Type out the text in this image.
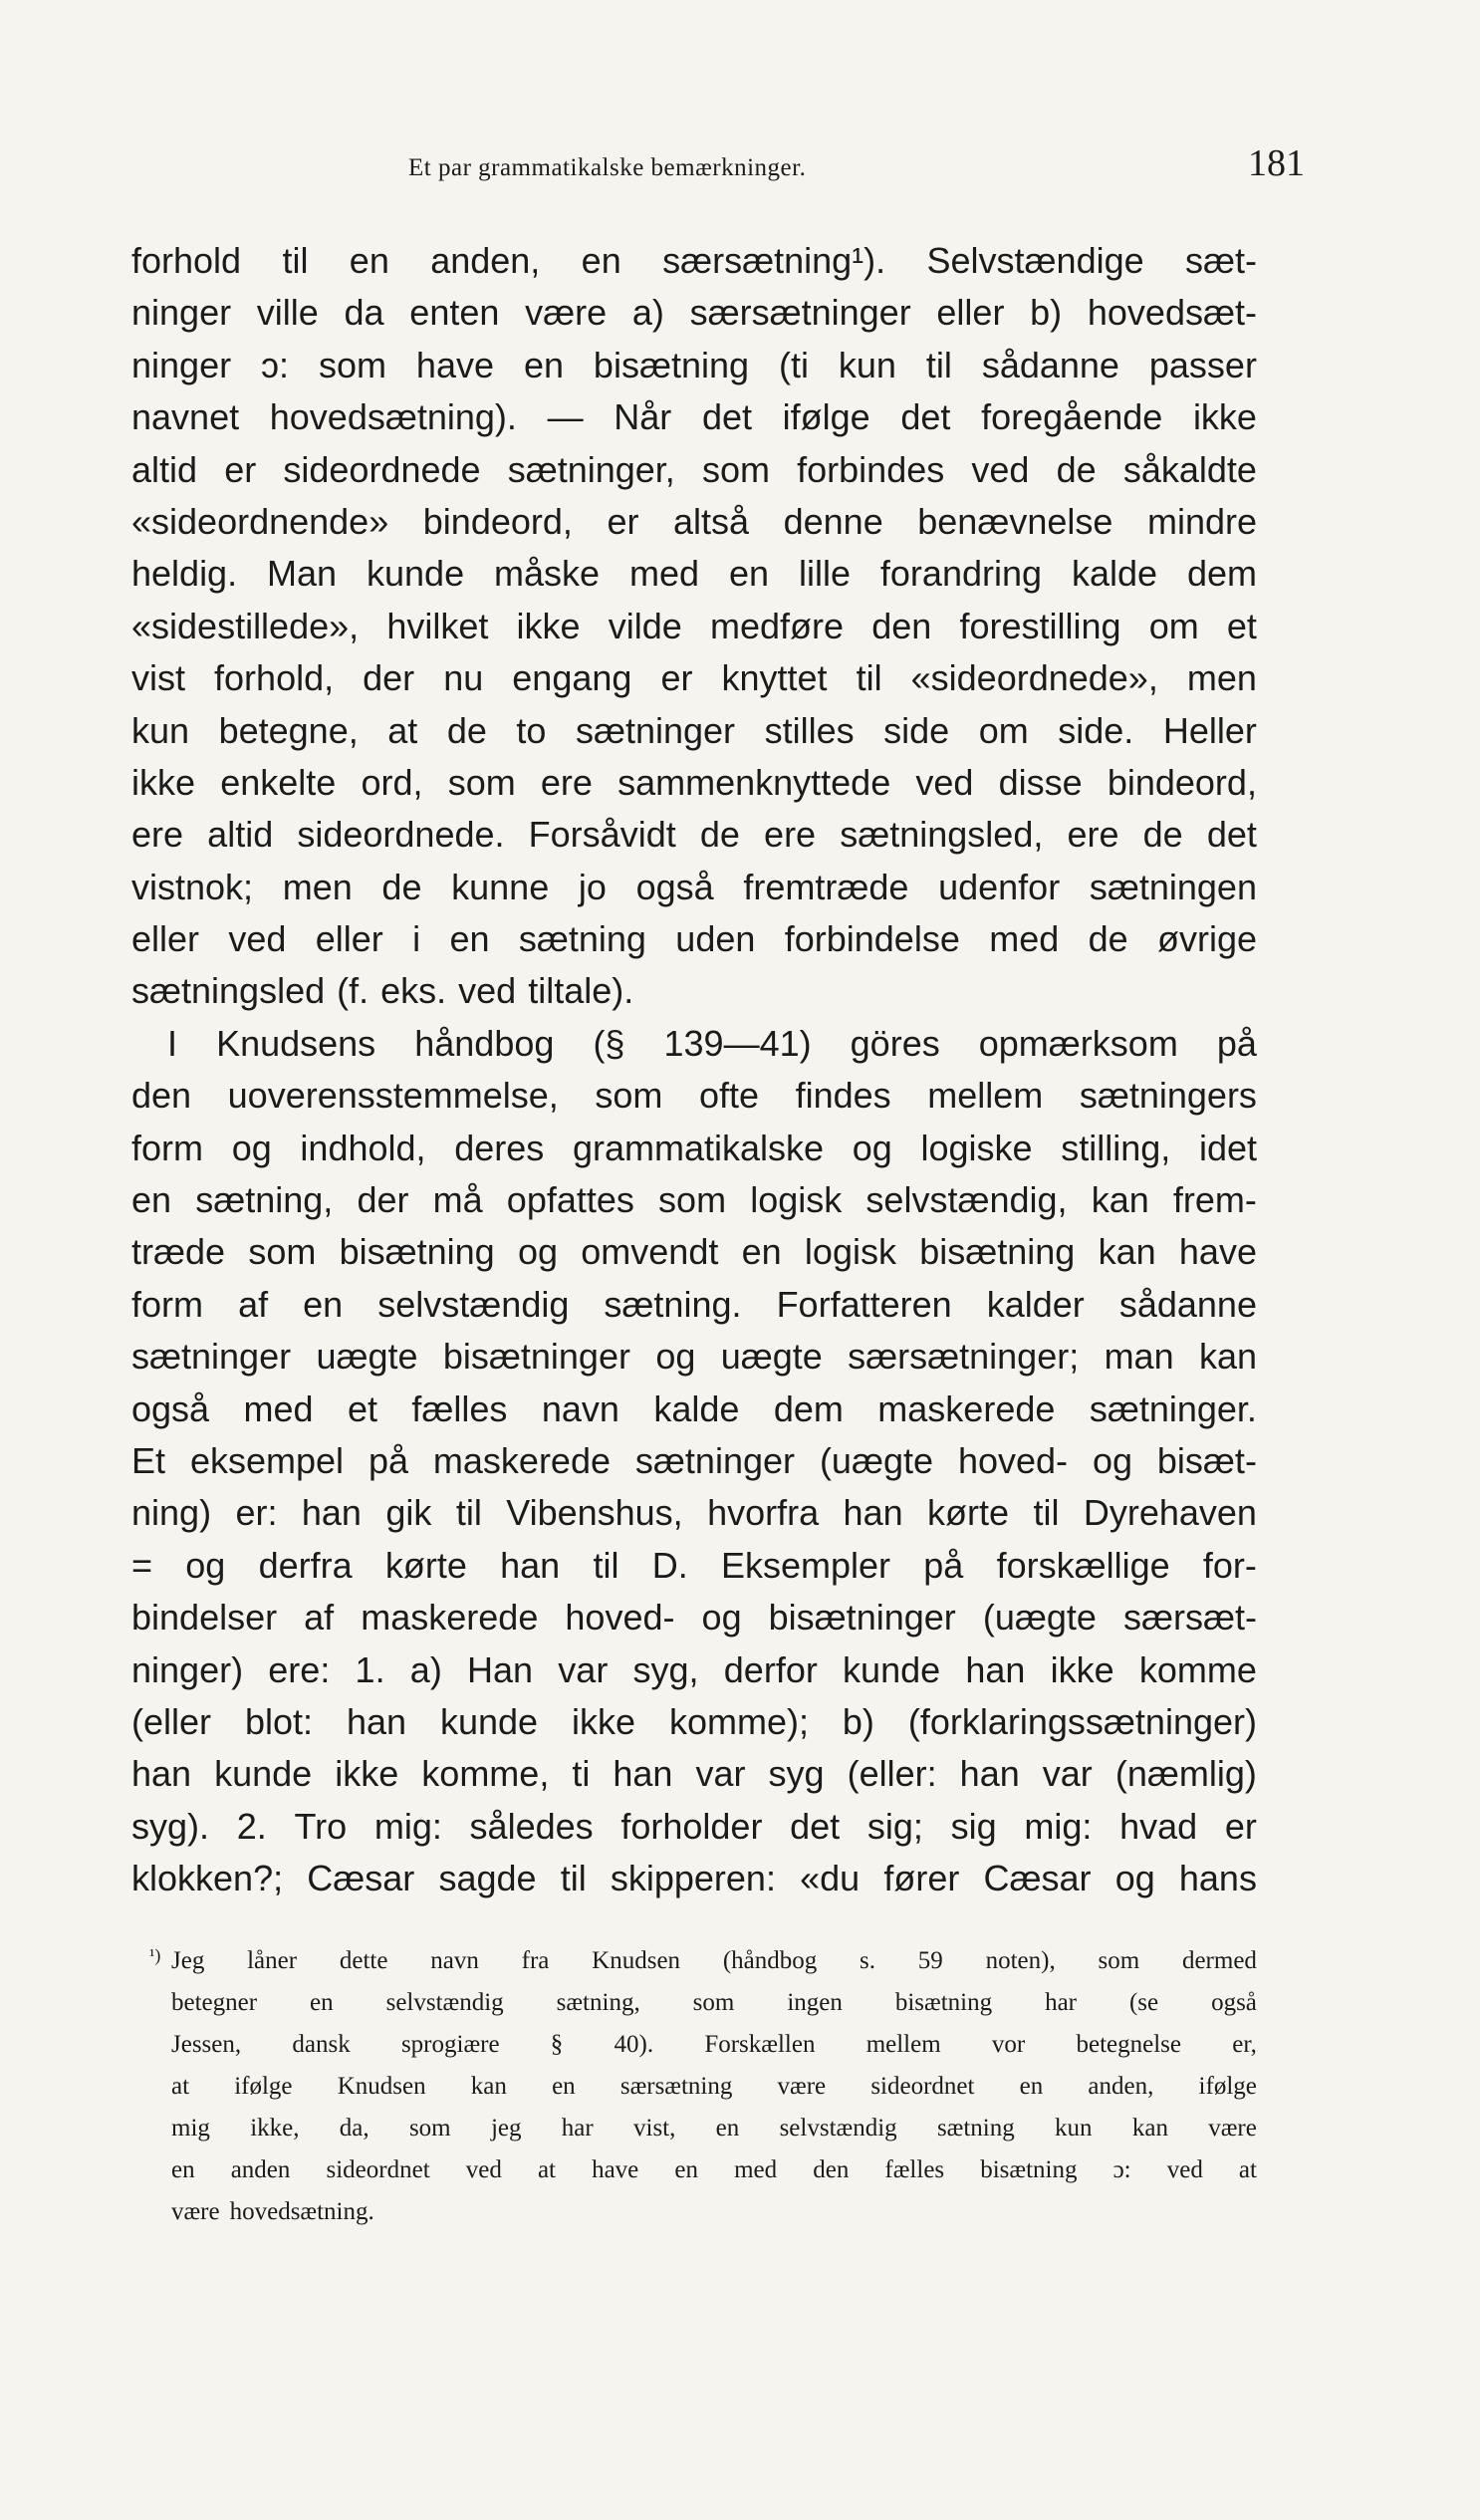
Et par grammatikalske bemærkninger.	181
forhold til en anden, en særsætning¹). Selvstændige sæt-
ninger ville da enten være a) særsætninger eller b) hovedsæt-
ninger ɔ: som have en bisætning (ti kun til sådanne passer
navnet hovedsætning). — Når det ifølge det foregående ikke
altid er sideordnede sætninger, som forbindes ved de såkaldte
«sideordnende» bindeord, er altså denne benævnelse mindre
heldig. Man kunde måske med en lille forandring kalde dem
«sidestillede», hvilket ikke vilde medføre den forestilling om et
vist forhold, der nu engang er knyttet til «sideordnede», men
kun betegne, at de to sætninger stilles side om side. Heller
ikke enkelte ord, som ere sammenknyttede ved disse bindeord,
ere altid sideordnede. Forsåvidt de ere sætningsled, ere de det
vistnok; men de kunne jo også fremtræde udenfor sætningen
eller ved eller i en sætning uden forbindelse med de øvrige
sætningsled (f. eks. ved tiltale).
I Knudsens håndbog (§ 139—41) göres opmærksom på
den uoverensstemmelse, som ofte findes mellem sætningers
form og indhold, deres grammatikalske og logiske stilling, idet
en sætning, der må opfattes som logisk selvstændig, kan frem-
træde som bisætning og omvendt en logisk bisætning kan have
form af en selvstændig sætning. Forfatteren kalder sådanne
sætninger uægte bisætninger og uægte særsætninger; man kan
også med et fælles navn kalde dem maskerede sætninger.
Et eksempel på maskerede sætninger (uægte hoved- og bisæt-
ning) er: han gik til Vibenshus, hvorfra han kørte til Dyrehaven
= og derfra kørte han til D. Eksempler på forskællige for-
bindelser af maskerede hoved- og bisætninger (uægte særsæt-
ninger) ere: 1. a) Han var syg, derfor kunde han ikke komme
(eller blot: han kunde ikke komme); b) (forklaringssætninger)
han kunde ikke komme, ti han var syg (eller: han var (næmlig)
syg). 2. Tro mig: således forholder det sig; sig mig: hvad er
klokken?; Cæsar sagde til skipperen: «du fører Cæsar og hans
¹) Jeg låner dette navn fra Knudsen (håndbog s. 59 noten), som dermed
betegner en selvstændig sætning, som ingen bisætning har (se også
Jessen, dansk sprogiære § 40). Forskællen mellem vor betegnelse er,
at ifølge Knudsen kan en særsætning være sideordnet en anden, ifølge
mig ikke, da, som jeg har vist, en selvstændig sætning kun kan være
en anden sideordnet ved at have en med den fælles bisætning ɔ: ved at
være hovedsætning.
